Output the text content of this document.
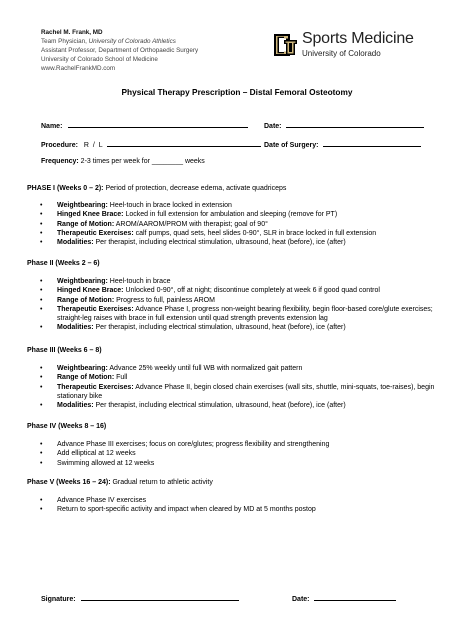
Rachel M. Frank, MD
Team Physician, University of Colorado Athletics
Assistant Professor, Department of Orthopaedic Surgery
University of Colorado School of Medicine
www.RachelFrankMD.com
Sports Medicine
University of Colorado
Physical Therapy Prescription – Distal Femoral Osteotomy
Name:	Date:
Procedure: R  /  L	Date of Surgery:
Frequency: 2-3 times per week for ________ weeks
PHASE I (Weeks 0 – 2): Period of protection, decrease edema, activate quadriceps
• Weightbearing: Heel-touch in brace locked in extension
• Hinged Knee Brace: Locked in full extension for ambulation and sleeping (remove for PT)
• Range of Motion: AROM/AAROM/PROM with therapist; goal of 90°
• Therapeutic Exercises: calf pumps, quad sets, heel slides 0-90°, SLR in brace locked in full extension
• Modalities: Per therapist, including electrical stimulation, ultrasound, heat (before), ice (after)
Phase II (Weeks 2 – 6)
• Weightbearing: Heel-touch in brace
• Hinged Knee Brace: Unlocked 0-90°, off at night; discontinue completely at week 6 if good quad control
• Range of Motion: Progress to full, painless AROM
• Therapeutic Exercises: Advance Phase I, progress non-weight bearing flexibility, begin floor-based core/glute exercises; straight-leg raises with brace in full extension until quad strength prevents extension lag
• Modalities: Per therapist, including electrical stimulation, ultrasound, heat (before), ice (after)
Phase III (Weeks 6 – 8)
• Weightbearing: Advance 25% weekly until full WB with normalized gait pattern
• Range of Motion: Full
• Therapeutic Exercises: Advance Phase II, begin closed chain exercises (wall sits, shuttle, mini-squats, toe-raises), begin stationary bike
• Modalities: Per therapist, including electrical stimulation, ultrasound, heat (before), ice (after)
Phase IV (Weeks 8 – 16)
• Advance Phase III exercises; focus on core/glutes; progress flexibility and strengthening
• Add elliptical at 12 weeks
• Swimming allowed at 12 weeks
Phase V (Weeks 16 – 24): Gradual return to athletic activity
• Advance Phase IV exercises
• Return to sport-specific activity and impact when cleared by MD at 5 months postop
Signature:	Date:
